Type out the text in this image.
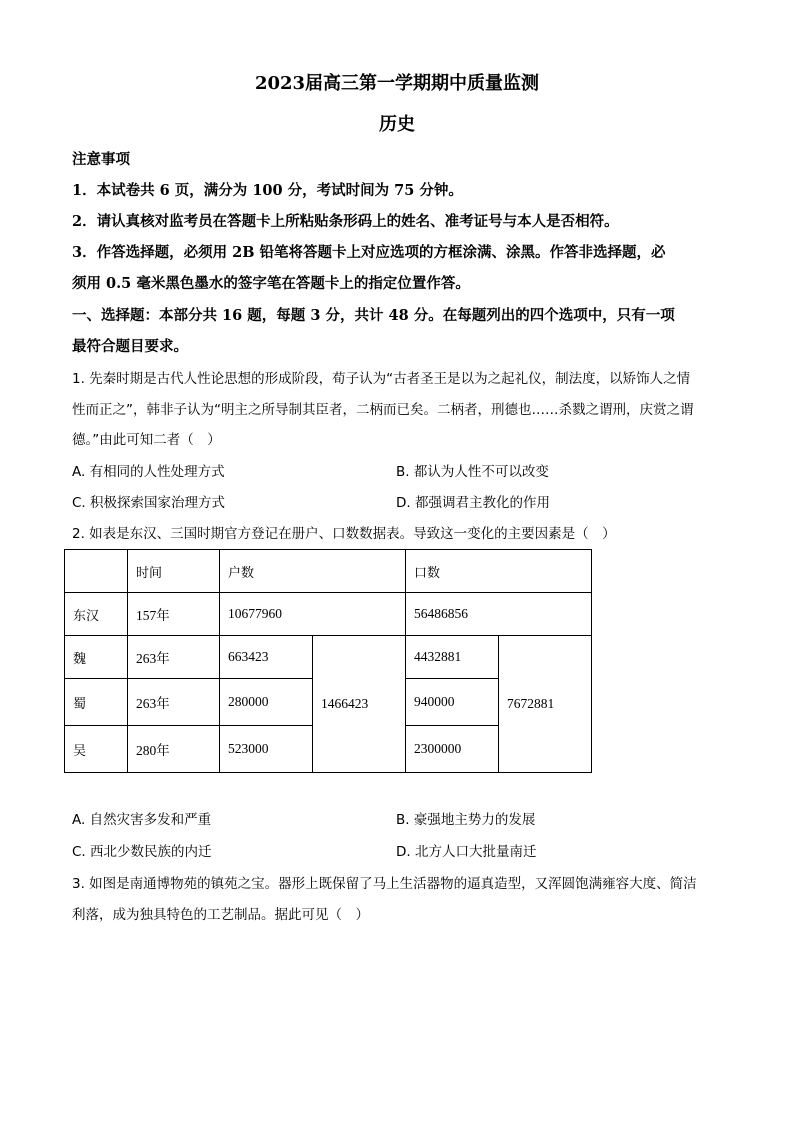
2023届高三第一学期期中质量监测
历史
注意事项
1．本试卷共 6 页，满分为 100 分，考试时间为 75 分钟。
2．请认真核对监考员在答题卡上所粘贴条形码上的姓名、准考证号与本人是否相符。
3．作答选择题，必须用 2B 铅笔将答题卡上对应选项的方框涂满、涂黑。作答非选择题，必
须用 0.5 毫米黑色墨水的签字笔在答题卡上的指定位置作答。
一、选择题：本部分共 16 题，每题 3 分，共计 48 分。在每题列出的四个选项中，只有一项
最符合题目要求。
1. 先秦时期是古代人性论思想的形成阶段，荀子认为“古者圣王是以为之起礼仪，制法度，以矫饰人之情
性而正之”，韩非子认为“明主之所导制其臣者，二柄而已矣。二柄者，刑德也……杀戮之谓刑，庆赏之谓
德。”由此可知二者（　）
A. 有相同的人性处理方式	B. 都认为人性不可以改变
C. 积极探索国家治理方式	D. 都强调君主教化的作用
2. 如表是东汉、三国时期官方登记在册户、口数数据表。导致这一变化的主要因素是（　）
	时间	户数		口数	
东汉	157年	10677960		56486856	
魏	263年	663423	1466423	4432881	7672881
蜀	263年	280000		940000	
吴	280年	523000		2300000	
A. 自然灾害多发和严重	B. 豪强地主势力的发展
C. 西北少数民族的内迁	D. 北方人口大批量南迁
3. 如图是南通博物苑的镇苑之宝。器形上既保留了马上生活器物的逼真造型，又浑圆饱满雍容大度、简洁
利落，成为独具特色的工艺制品。据此可见（　）
